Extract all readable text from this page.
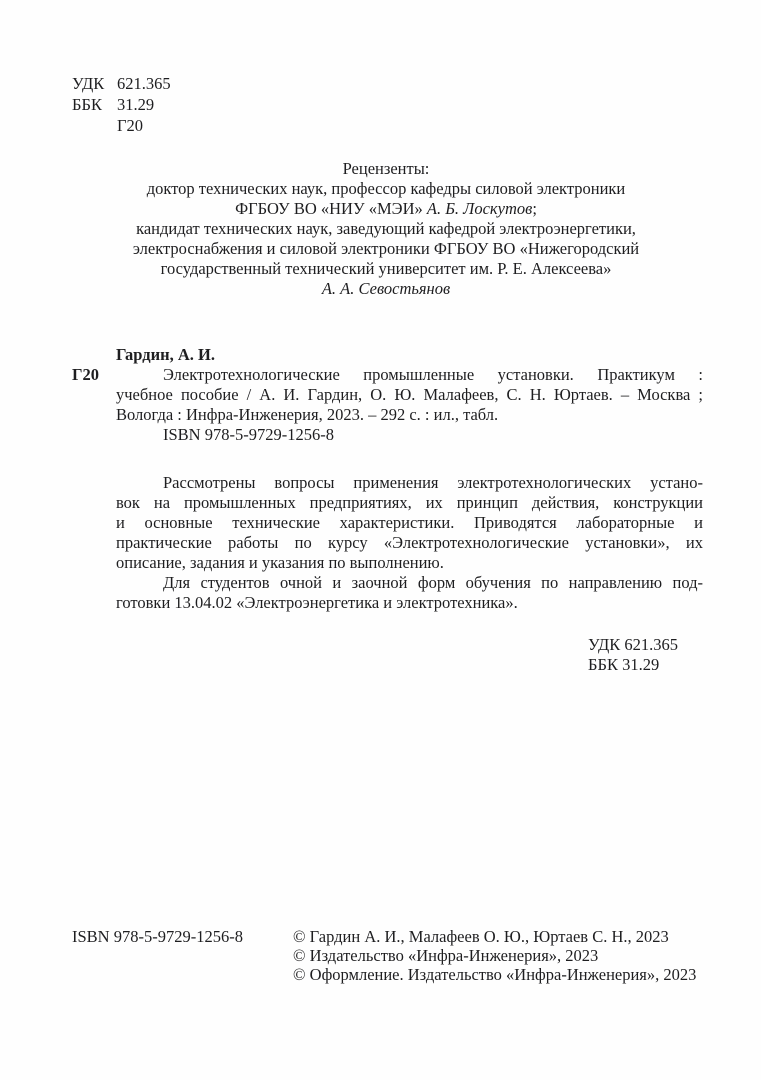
УДК 621.365
ББК 31.29
Г20
Рецензенты:
доктор технических наук, профессор кафедры силовой электроники
ФГБОУ ВО «НИУ «МЭИ» А. Б. Лоскутов;
кандидат технических наук, заведующий кафедрой электроэнергетики,
электроснабжения и силовой электроники ФГБОУ ВО «Нижегородский
государственный технический университет им. Р. Е. Алексеева»
А. А. Севостьянов
Г20
Гардин, А. И.
Электротехнологические промышленные установки. Практикум :
учебное пособие / А. И. Гардин, О. Ю. Малафеев, С. Н. Юртаев. – Москва ;
Вологда : Инфра-Инженерия, 2023. – 292 с. : ил., табл.
ISBN 978-5-9729-1256-8
Рассмотрены вопросы применения электротехнологических устано-
вок на промышленных предприятиях, их принцип действия, конструкции
и основные технические характеристики. Приводятся лабораторные и
практические работы по курсу «Электротехнологические установки», их
описание, задания и указания по выполнению.
Для студентов очной и заочной форм обучения по направлению под-
готовки 13.04.02 «Электроэнергетика и электротехника».
УДК 621.365
ББК 31.29
ISBN 978-5-9729-1256-8	© Гардин А. И., Малафеев О. Ю., Юртаев С. Н., 2023
© Издательство «Инфра-Инженерия», 2023
© Оформление. Издательство «Инфра-Инженерия», 2023
